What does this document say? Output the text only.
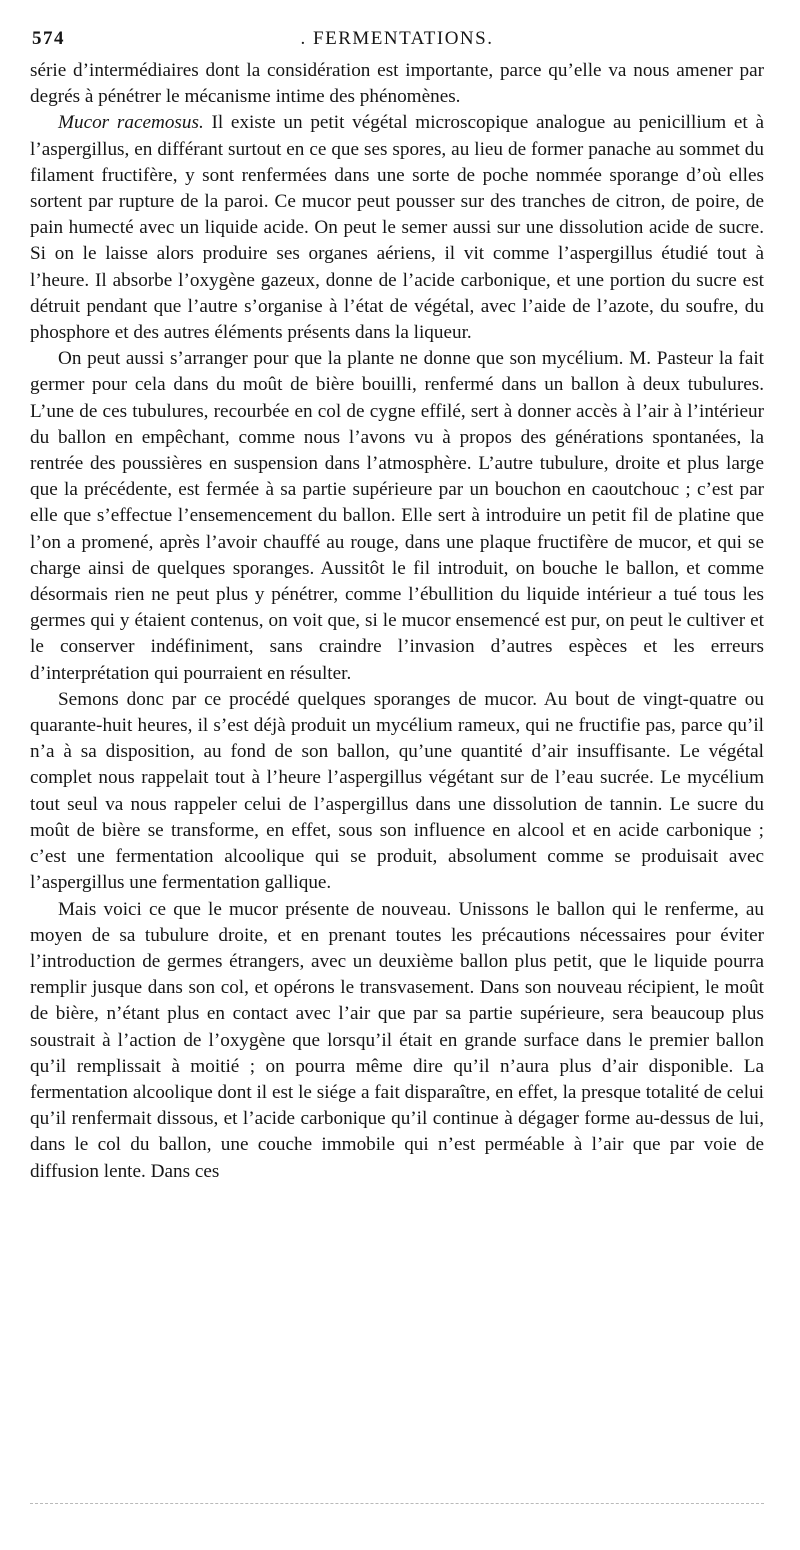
574	. FERMENTATIONS.

série d’intermédiaires dont la considération est importante, parce qu’elle va nous amener par degrés à pénétrer le mécanisme intime des phénomènes.

Mucor racemosus. Il existe un petit végétal microscopique analogue au penicillium et à l’aspergillus, en différant surtout en ce que ses spores, au lieu de former panache au sommet du filament fructifère, y sont renfermées dans une sorte de poche nommée sporange d’où elles sortent par rupture de la paroi. Ce mucor peut pousser sur des tranches de citron, de poire, de pain humecté avec un liquide acide. On peut le semer aussi sur une dissolution acide de sucre. Si on le laisse alors produire ses organes aériens, il vit comme l’aspergillus étudié tout à l’heure. Il absorbe l’oxygène gazeux, donne de l’acide carbonique, et une portion du sucre est détruit pendant que l’autre s’organise à l’état de végétal, avec l’aide de l’azote, du soufre, du phosphore et des autres éléments présents dans la liqueur.

On peut aussi s’arranger pour que la plante ne donne que son mycélium. M. Pasteur la fait germer pour cela dans du moût de bière bouilli, renfermé dans un ballon à deux tubulures. L’une de ces tubulures, recourbée en col de cygne effilé, sert à donner accès à l’air à l’intérieur du ballon en empêchant, comme nous l’avons vu à propos des générations spontanées, la rentrée des poussières en suspension dans l’atmosphère. L’autre tubulure, droite et plus large que la précédente, est fermée à sa partie supérieure par un bouchon en caoutchouc ; c’est par elle que s’effectue l’ensemencement du ballon. Elle sert à introduire un petit fil de platine que l’on a promené, après l’avoir chauffé au rouge, dans une plaque fructifère de mucor, et qui se charge ainsi de quelques sporanges. Aussitôt le fil introduit, on bouche le ballon, et comme désormais rien ne peut plus y pénétrer, comme l’ébullition du liquide intérieur a tué tous les germes qui y étaient contenus, on voit que, si le mucor ensemencé est pur, on peut le cultiver et le conserver indéfiniment, sans craindre l’invasion d’autres espèces et les erreurs d’interprétation qui pourraient en résulter.

Semons donc par ce procédé quelques sporanges de mucor. Au bout de vingt-quatre ou quarante-huit heures, il s’est déjà produit un mycélium rameux, qui ne fructifie pas, parce qu’il n’a à sa disposition, au fond de son ballon, qu’une quantité d’air insuffisante. Le végétal complet nous rappelait tout à l’heure l’aspergillus végétant sur de l’eau sucrée. Le mycélium tout seul va nous rappeler celui de l’aspergillus dans une dissolution de tannin. Le sucre du moût de bière se transforme, en effet, sous son influence en alcool et en acide carbonique ; c’est une fermentation alcoolique qui se produit, absolument comme se produisait avec l’aspergillus une fermentation gallique.

Mais voici ce que le mucor présente de nouveau. Unissons le ballon qui le renferme, au moyen de sa tubulure droite, et en prenant toutes les précautions nécessaires pour éviter l’introduction de germes étrangers, avec un deuxième ballon plus petit, que le liquide pourra remplir jusque dans son col, et opérons le transvasement. Dans son nouveau récipient, le moût de bière, n’étant plus en contact avec l’air que par sa partie supérieure, sera beaucoup plus soustrait à l’action de l’oxygène que lorsqu’il était en grande surface dans le premier ballon qu’il remplissait à moitié ; on pourra même dire qu’il n’aura plus d’air disponible. La fermentation alcoolique dont il est le siége a fait disparaître, en effet, la presque totalité de celui qu’il renfermait dissous, et l’acide carbonique qu’il continue à dégager forme au-dessus de lui, dans le col du ballon, une couche immobile qui n’est perméable à l’air que par voie de diffusion lente. Dans ces
